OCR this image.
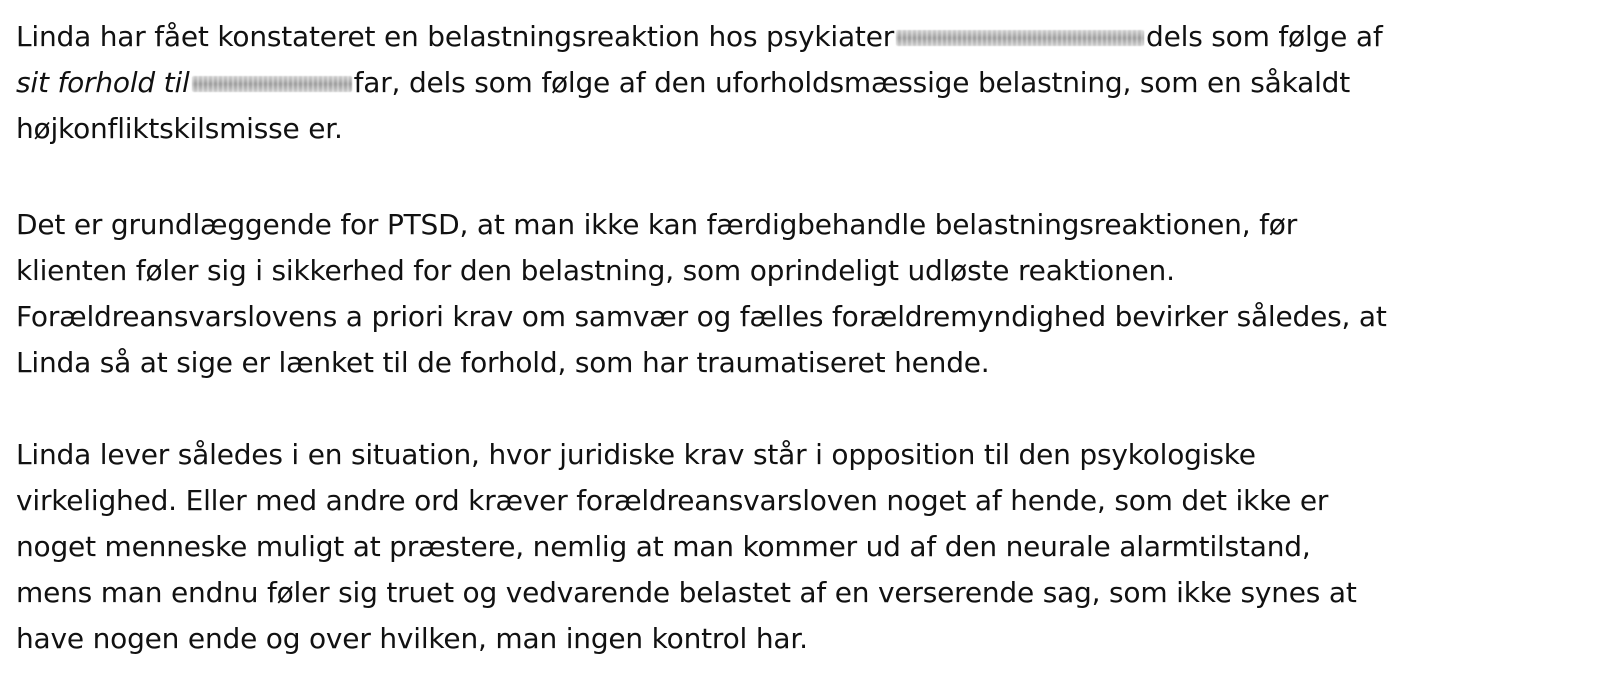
Linda har fået konstateret en belastningsreaktion hos psykiater	dels som følge af
sit forhold til	far, dels som følge af den uforholdsmæssige belastning, som en såkaldt
højkonfliktskilsmisse er.
Det er grundlæggende for PTSD, at man ikke kan færdigbehandle belastningsreaktionen, før
klienten føler sig i sikkerhed for den belastning, som oprindeligt udløste reaktionen.
Forældreansvarslovens a priori krav om samvær og fælles forældremyndighed bevirker således, at
Linda så at sige er lænket til de forhold, som har traumatiseret hende.
Linda lever således i en situation, hvor juridiske krav står i opposition til den psykologiske
virkelighed. Eller med andre ord kræver forældreansvarsloven noget af hende, som det ikke er
noget menneske muligt at præstere, nemlig at man kommer ud af den neurale alarmtilstand,
mens man endnu føler sig truet og vedvarende belastet af en verserende sag, som ikke synes at
have nogen ende og over hvilken, man ingen kontrol har.
